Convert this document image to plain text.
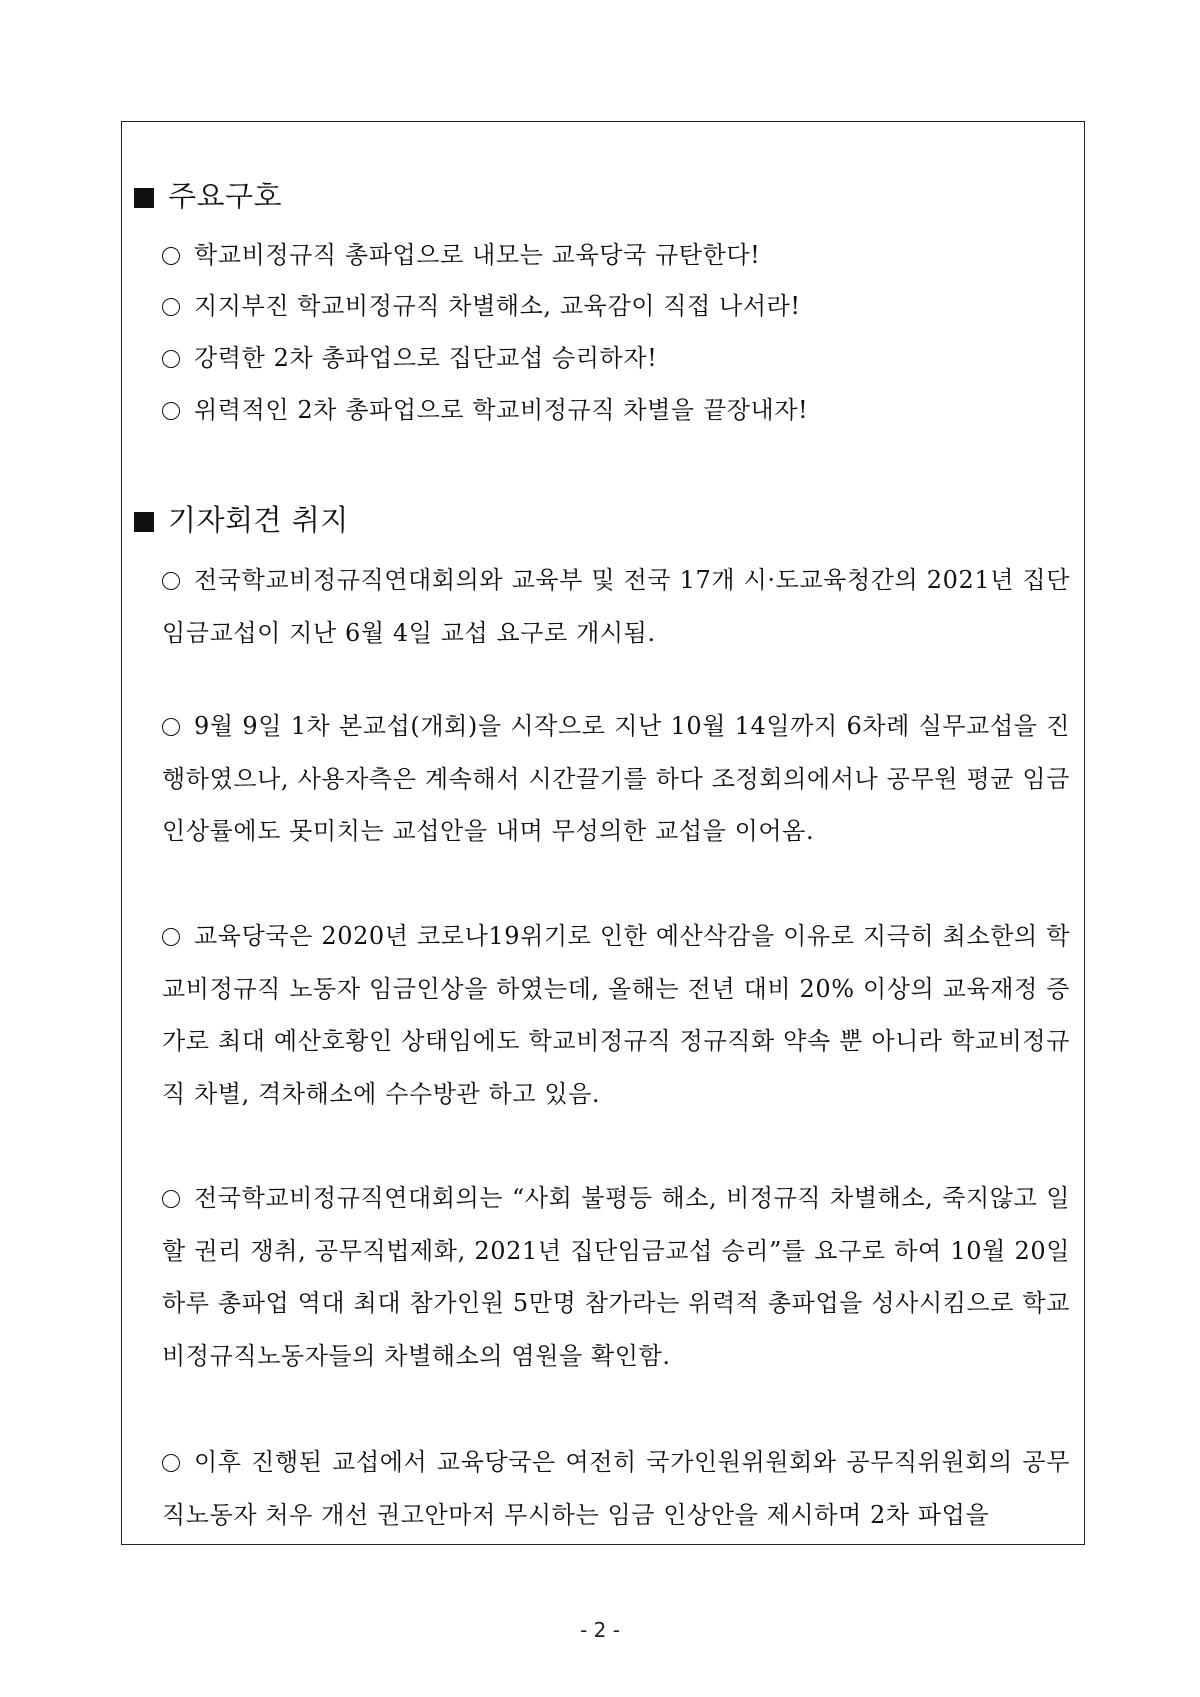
주요구호
학교비정규직 총파업으로 내모는 교육당국 규탄한다!
지지부진 학교비정규직 차별해소, 교육감이 직접 나서라!
강력한 2차 총파업으로 집단교섭 승리하자!
위력적인 2차 총파업으로 학교비정규직 차별을 끝장내자!
기자회견 취지
전국학교비정규직연대회의와 교육부 및 전국 17개 시·도교육청간의 2021년 집단임금교섭이 지난 6월 4일 교섭 요구로 개시됨.
9월 9일 1차 본교섭(개회)을 시작으로 지난 10월 14일까지 6차례 실무교섭을 진행하였으나, 사용자측은 계속해서 시간끌기를 하다 조정회의에서나 공무원 평균 임금인상률에도 못미치는 교섭안을 내며 무성의한 교섭을 이어옴.
교육당국은 2020년 코로나19위기로 인한 예산삭감을 이유로 지극히 최소한의 학교비정규직 노동자 임금인상을 하였는데, 올해는 전년 대비 20% 이상의 교육재정 증가로 최대 예산호황인 상태임에도 학교비정규직 정규직화 약속 뿐 아니라 학교비정규직 차별, 격차해소에 수수방관 하고 있음.
전국학교비정규직연대회의는 “사회 불평등 해소, 비정규직 차별해소, 죽지않고 일할 권리 쟁취, 공무직법제화, 2021년 집단임금교섭 승리”를 요구로 하여 10월 20일 하루 총파업 역대 최대 참가인원 5만명 참가라는 위력적 총파업을 성사시킴으로 학교비정규직노동자들의 차별해소의 염원을 확인함.
이후 진행된 교섭에서 교육당국은 여전히 국가인원위원회와 공무직위원회의 공무직노동자 처우 개선 권고안마저 무시하는 임금 인상안을 제시하며 2차 파업을
- 2 -
